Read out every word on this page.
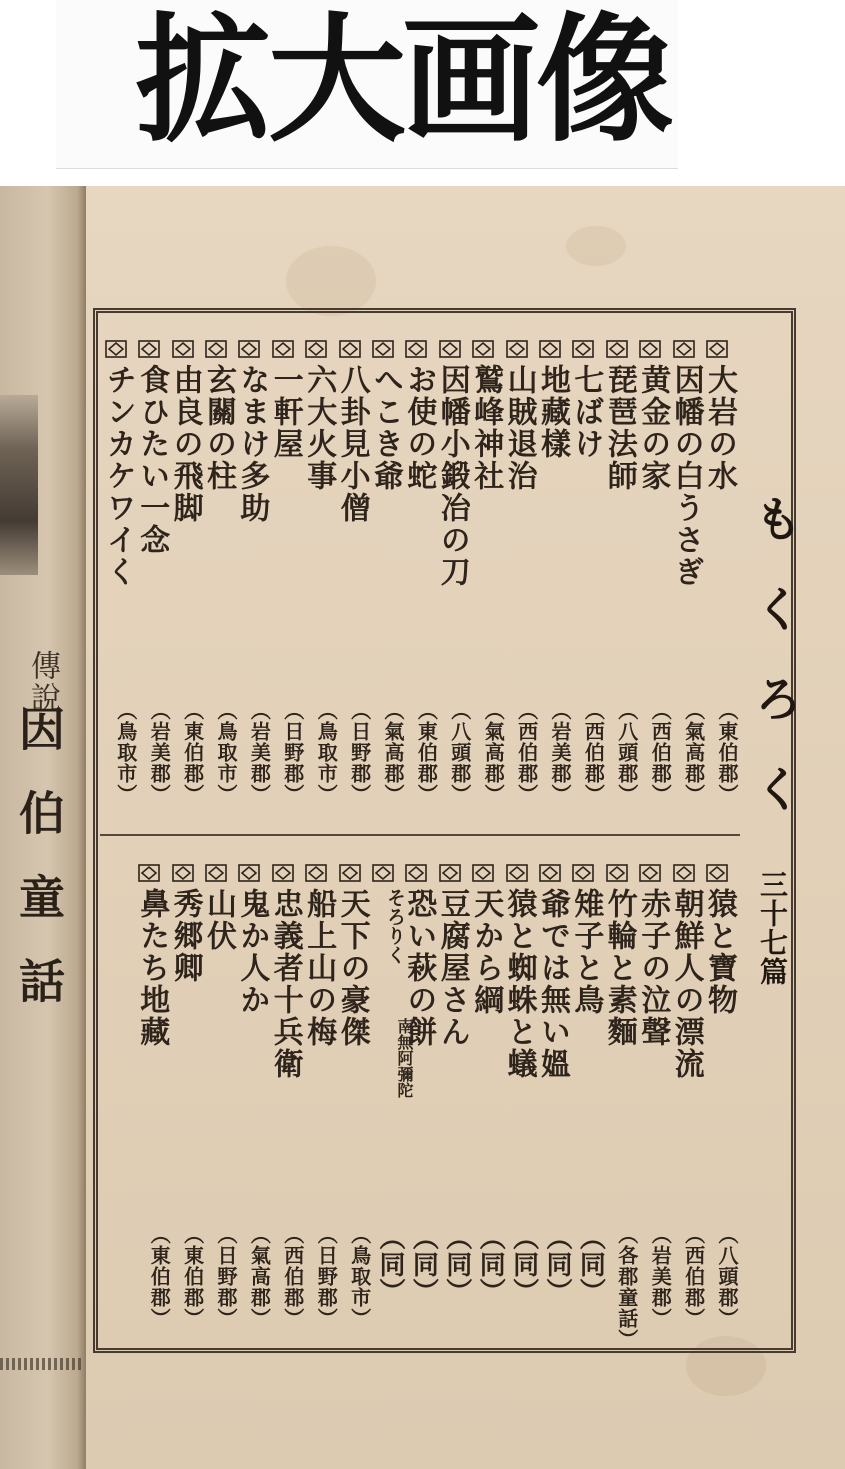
拡大画像
傳說
因伯童話
もくろく
三十七篇
大岩の水
（東伯郡）
因幡の白うさぎ
（氣高郡）
黄金の家
（西伯郡）
琵琶法師
（八頭郡）
七ばけ
（西伯郡）
地藏樣
（岩美郡）
山賊退治
（西伯郡）
鷲峰神社
（氣高郡）
因幡小鍛冶の刀
（八頭郡）
お使の蛇
（東伯郡）
へこき爺
（氣高郡）
八卦見小僧
（日野郡）
六大火事
（鳥取市）
一軒屋
（日野郡）
なまけ多助
（岩美郡）
玄關の柱
（鳥取市）
由良の飛脚
（東伯郡）
食ひたい一念
（岩美郡）
チンカケワイく
（鳥取市）
猿と寶物
（八頭郡）
朝鮮人の漂流
（西伯郡）
赤子の泣聲
（岩美郡）
竹輪と素麵
（各郡童話）
雉子と鳥
（同）
爺では無い媼
（同）
猿と蜘蛛と蟻
（同）
天から綱
（同）
豆腐屋さん
（同）
恐い萩の餅
（同）
そろりく
南無阿彌陀
（同）
天下の豪傑
（鳥取市）
船上山の梅
（日野郡）
忠義者十兵衛
（西伯郡）
鬼か人か
（氣高郡）
山伏
（日野郡）
秀郷卿
（東伯郡）
鼻たち地藏
（東伯郡）
